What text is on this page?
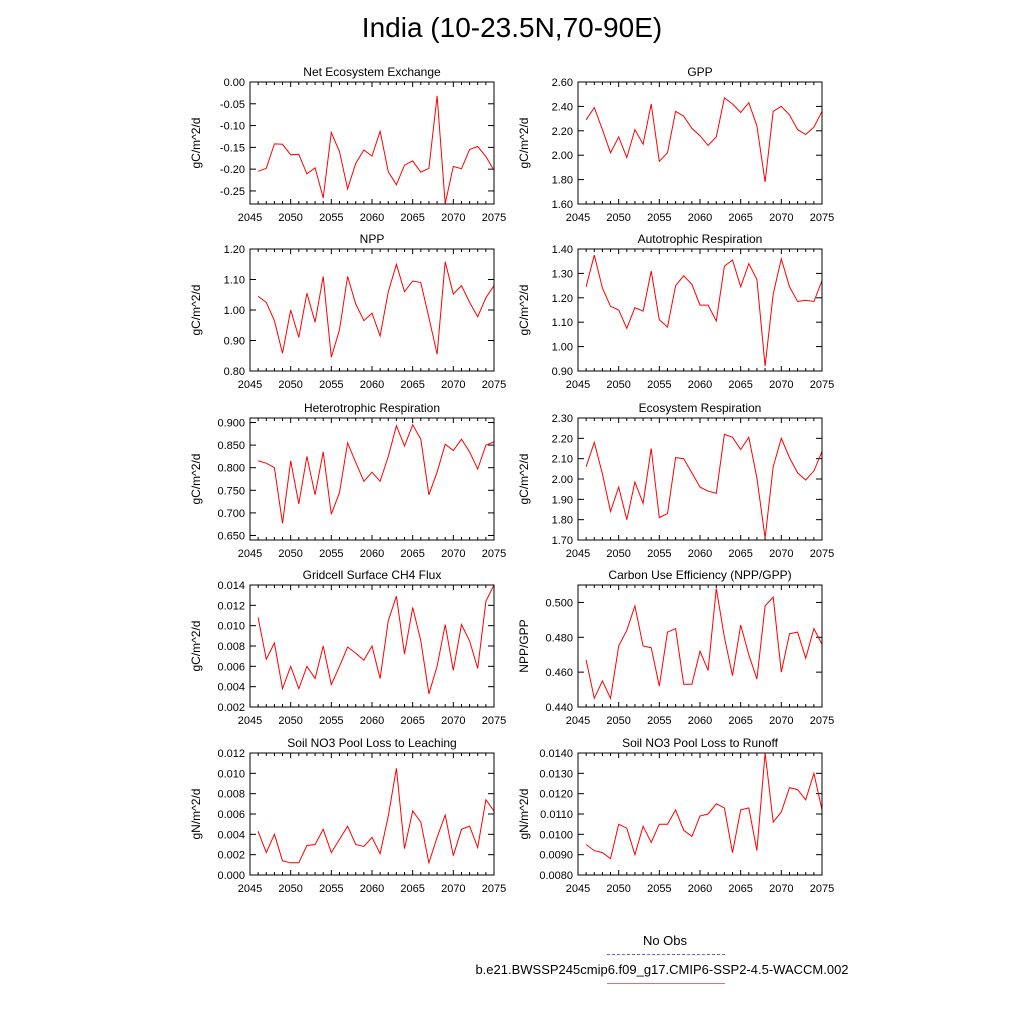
India (10-23.5N,70-90E)
Net Ecosystem Exchange
gC/m^2/d
2045 2050 2055 2060 2065 2070 2075
0.00
-0.05
-0.10
-0.15
-0.20
-0.25
GPP
gC/m^2/d
2045 2050 2055 2060 2065 2070 2075
2.60
2.40
2.20
2.00
1.80
1.60
NPP
gC/m^2/d
2045 2050 2055 2060 2065 2070 2075
1.20
1.10
1.00
0.90
0.80
Autotrophic Respiration
gC/m^2/d
2045 2050 2055 2060 2065 2070 2075
1.40
1.30
1.20
1.10
1.00
0.90
Heterotrophic Respiration
gC/m^2/d
2045 2050 2055 2060 2065 2070 2075
0.900
0.850
0.800
0.750
0.700
0.650
Ecosystem Respiration
gC/m^2/d
2045 2050 2055 2060 2065 2070 2075
2.30
2.20
2.10
2.00
1.90
1.80
1.70
Gridcell Surface CH4 Flux
gC/m^2/d
2045 2050 2055 2060 2065 2070 2075
0.014
0.012
0.010
0.008
0.006
0.004
0.002
Carbon Use Efficiency (NPP/GPP)
NPP/GPP
2045 2050 2055 2060 2065 2070 2075
0.500
0.480
0.460
0.440
Soil NO3 Pool Loss to Leaching
gN/m^2/d
2045 2050 2055 2060 2065 2070 2075
0.012
0.010
0.008
0.006
0.004
0.002
0.000
Soil NO3 Pool Loss to Runoff
gN/m^2/d
2045 2050 2055 2060 2065 2070 2075
0.0140
0.0130
0.0120
0.0110
0.0100
0.0090
0.0080
No Obs
b.e21.BWSSP245cmip6.f09_g17.CMIP6-SSP2-4.5-WACCM.002
